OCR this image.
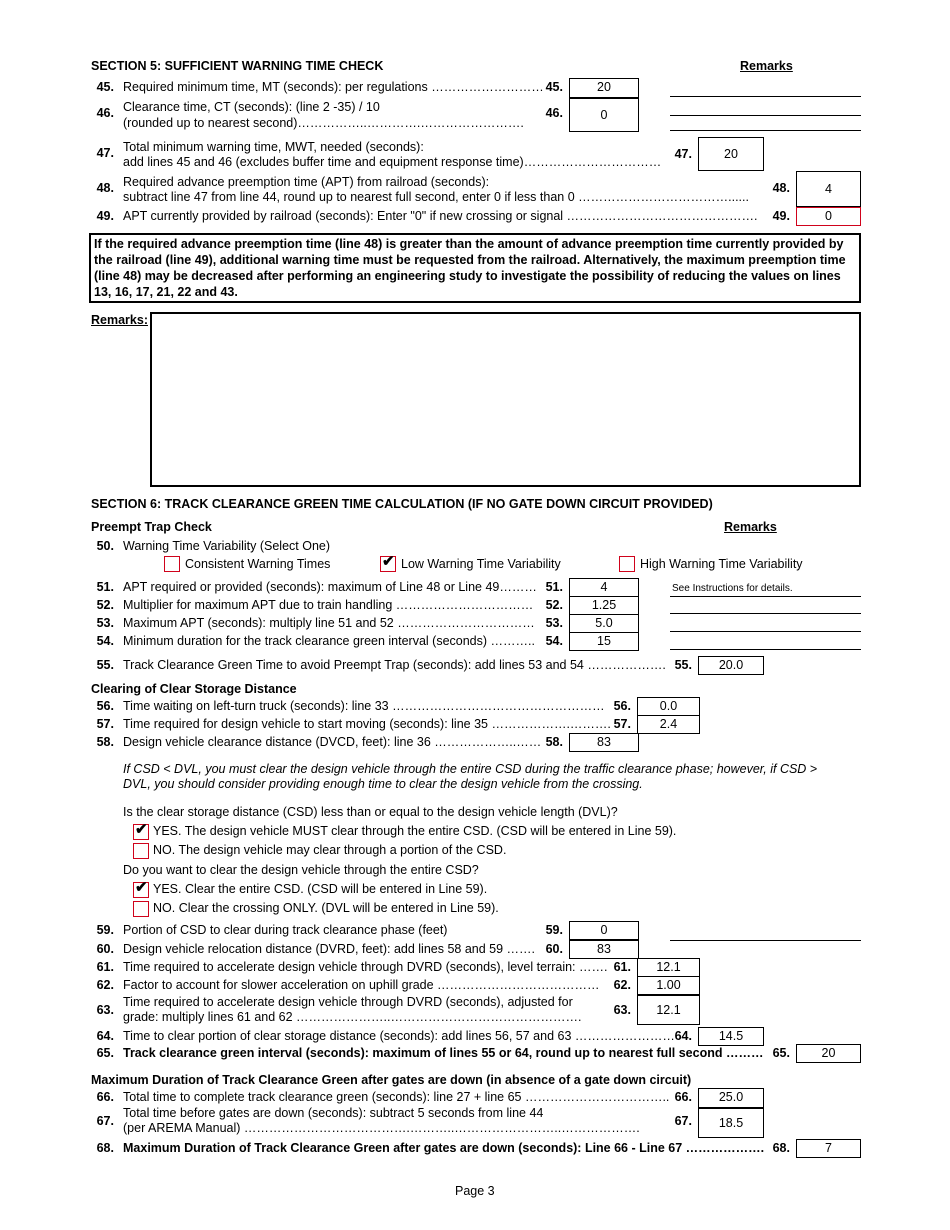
SECTION 5: SUFFICIENT WARNING TIME CHECK	Remarks
45. Required minimum time, MT (seconds): per regulations ……………………… 45.	20
46. Clearance time, CT (seconds): (line 2 -35) / 10
(rounded up to nearest second)……………..………….…………………….
46.	0
47. Total minimum warning time, MWT, needed (seconds):
add lines 45 and 46 (excludes buffer time and equipment response time)……………………………
47.	20
48. Required advance preemption time (APT) from railroad (seconds):
subtract line 47 from line 44, round up to nearest full second, enter 0 if less than 0 ………………………………......
48.	4
49. APT currently provided by railroad (seconds): Enter "0" if new crossing or signal ……………………………………….	49.	0
If the required advance preemption time (line 48) is greater than the amount of advance preemption time currently provided by the railroad (line 49), additional warning time must be requested from the railroad. Alternatively, the maximum preemption time (line 48) may be decreased after performing an engineering study to investigate the possibility of reducing the values on lines 13, 16, 17, 21, 22 and 43.
Remarks:
SECTION 6: TRACK CLEARANCE GREEN TIME CALCULATION (IF NO GATE DOWN CIRCUIT PROVIDED)
Preempt Trap Check	Remarks
50. Warning Time Variability (Select One)
Consistent Warning Times	✔ Low Warning Time Variability	High Warning Time Variability
51. APT required or provided (seconds): maximum of Line 48 or Line 49……… 51.	4	See Instructions for details.
52. Multiplier for maximum APT due to train handling …………………………… 52.	1.25
53. Maximum APT (seconds): multiply line 51 and 52 …………………………… 53.	5.0
54. Minimum duration for the track clearance green interval (seconds) ……….. 54.	15
55. Track Clearance Green Time to avoid Preempt Trap (seconds): add lines 53 and 54 ………………. 55.	20.0
Clearing of Clear Storage Distance
56. Time waiting on left-turn truck (seconds): line 33 …………………………………………… 56.	0.0
57. Time required for design vehicle to start moving (seconds): line 35 ……………….………. 57.	2.4
58. Design vehicle clearance distance (DVCD, feet): line 36 ………………..…… 58.	83
If CSD < DVL, you must clear the design vehicle through the entire CSD during the traffic clearance phase; however, if CSD >
DVL, you should consider providing enough time to clear the design vehicle from the crossing.
Is the clear storage distance (CSD) less than or equal to the design vehicle length (DVL)?
✔ YES. The design vehicle MUST clear through the entire CSD. (CSD will be entered in Line 59).
NO. The design vehicle may clear through a portion of the CSD.
Do you want to clear the design vehicle through the entire CSD?
✔ YES. Clear the entire CSD. (CSD will be entered in Line 59).
NO. Clear the crossing ONLY. (DVL will be entered in Line 59).
59. Portion of CSD to clear during track clearance phase (feet)	59.	0
60. Design vehicle relocation distance (DVRD, feet): add lines 58 and 59 ……. 60.	83
61. Time required to accelerate design vehicle through DVRD (seconds), level terrain: ……. 61.	12.1
62. Factor to account for slower acceleration on uphill grade …………………………………	62.	1.00
63.
Time required to accelerate design vehicle through DVRD (seconds), adjusted for
grade: multiply lines 61 and 62 …………………..……………………………………….	63.	12.1
64. Time to clear portion of clear storage distance (seconds): add lines 56, 57 and 63 …………………… 64.	14.5
65. Track clearance green interval (seconds): maximum of lines 55 or 64, round up to nearest full second ……… 65.	20
Maximum Duration of Track Clearance Green after gates are down (in absence of a gate down circuit)
66. Total time to complete track clearance green (seconds): line 27 + line 65 …………………………….. 66.	25.0
67.
Total time before gates are down (seconds): subtract 5 seconds from line 44
(per AREMA Manual) ………………………………….………..……………………..……………….	67.	18.5
68. Maximum Duration of Track Clearance Green after gates are down (seconds): Line 66 - Line 67 ………………. 68.	7
Page 3
